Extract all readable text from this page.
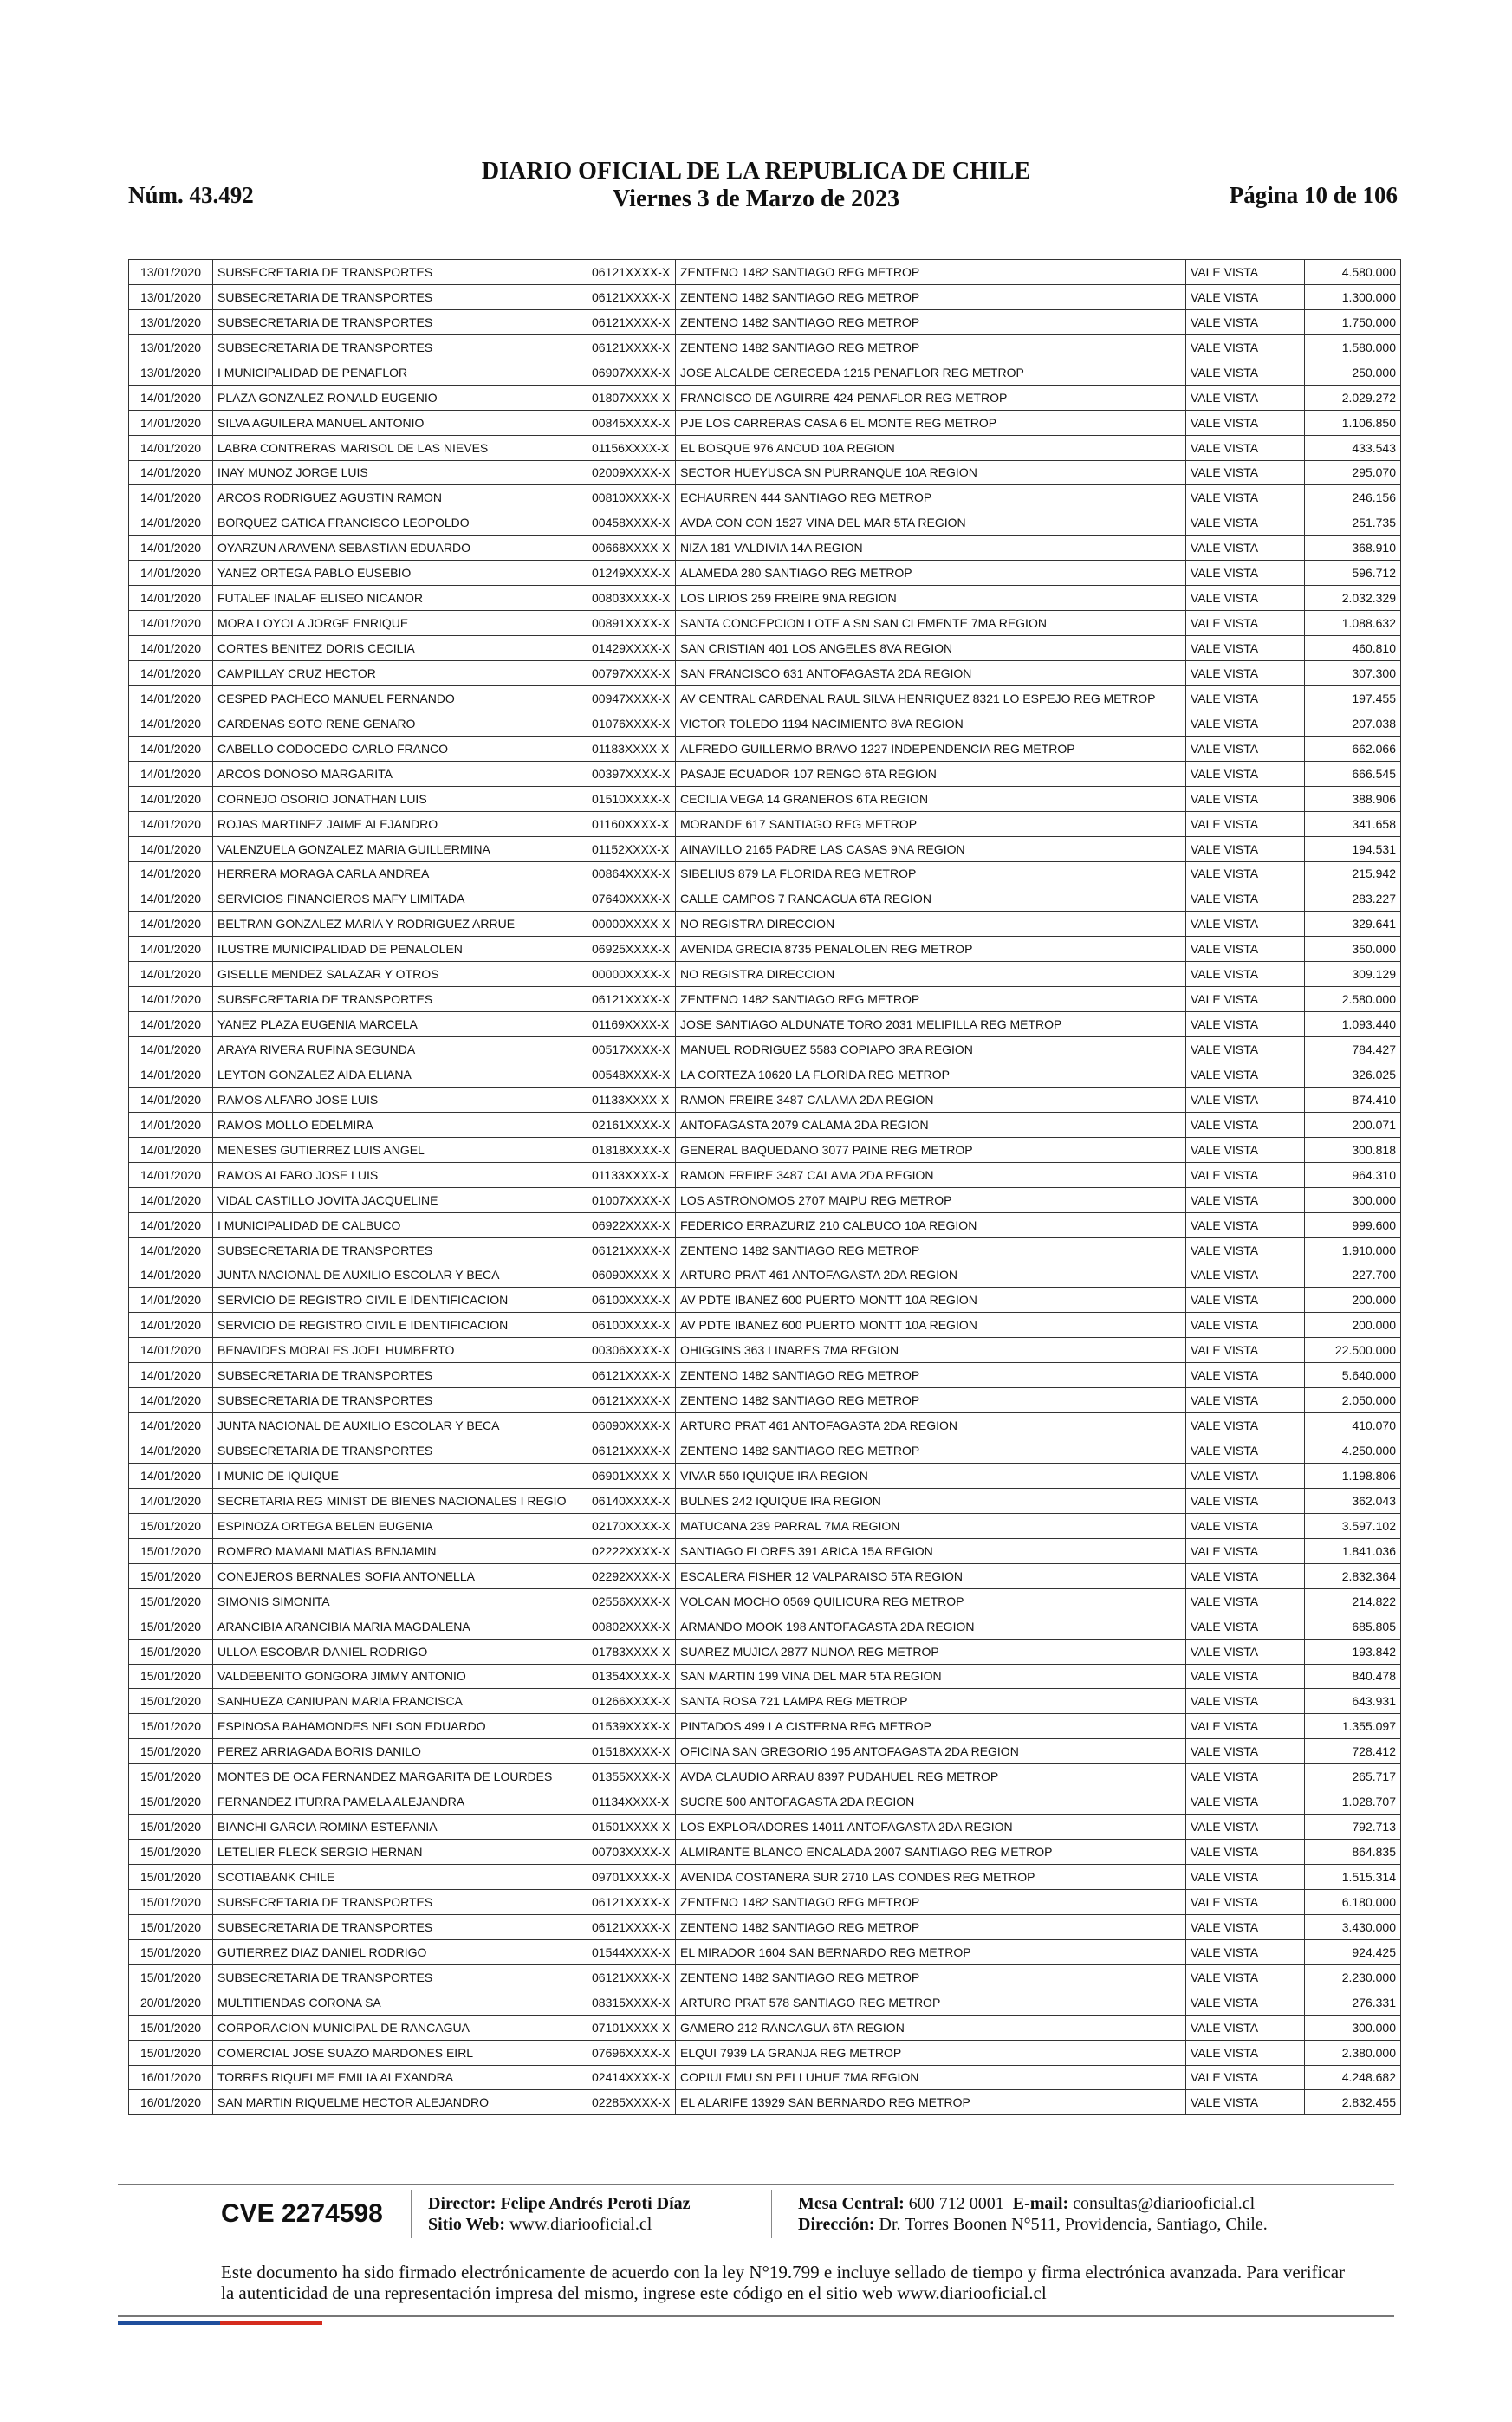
Núm. 43.492
DIARIO OFICIAL DE LA REPUBLICA DE CHILE
Viernes 3 de Marzo de 2023	Página 10 de 106
13/01/2020	SUBSECRETARIA DE TRANSPORTES	06121XXXX-X	ZENTENO 1482 SANTIAGO REG METROP	VALE VISTA	4.580.000
13/01/2020	SUBSECRETARIA DE TRANSPORTES	06121XXXX-X	ZENTENO 1482 SANTIAGO REG METROP	VALE VISTA	1.300.000
13/01/2020	SUBSECRETARIA DE TRANSPORTES	06121XXXX-X	ZENTENO 1482 SANTIAGO REG METROP	VALE VISTA	1.750.000
13/01/2020	SUBSECRETARIA DE TRANSPORTES	06121XXXX-X	ZENTENO 1482 SANTIAGO REG METROP	VALE VISTA	1.580.000
13/01/2020	I MUNICIPALIDAD DE PENAFLOR	06907XXXX-X	JOSE ALCALDE CERECEDA 1215 PENAFLOR REG METROP	VALE VISTA	250.000
14/01/2020	PLAZA GONZALEZ RONALD EUGENIO	01807XXXX-X	FRANCISCO DE AGUIRRE 424 PENAFLOR REG METROP	VALE VISTA	2.029.272
14/01/2020	SILVA AGUILERA MANUEL ANTONIO	00845XXXX-X	PJE LOS CARRERAS CASA 6 EL MONTE REG METROP	VALE VISTA	1.106.850
14/01/2020	LABRA CONTRERAS MARISOL DE LAS NIEVES	01156XXXX-X	EL BOSQUE 976 ANCUD 10A REGION	VALE VISTA	433.543
14/01/2020	INAY MUNOZ JORGE LUIS	02009XXXX-X	SECTOR HUEYUSCA SN PURRANQUE 10A REGION	VALE VISTA	295.070
14/01/2020	ARCOS RODRIGUEZ AGUSTIN RAMON	00810XXXX-X	ECHAURREN 444 SANTIAGO REG METROP	VALE VISTA	246.156
14/01/2020	BORQUEZ GATICA FRANCISCO LEOPOLDO	00458XXXX-X	AVDA CON CON 1527 VINA DEL MAR 5TA REGION	VALE VISTA	251.735
14/01/2020	OYARZUN ARAVENA SEBASTIAN EDUARDO	00668XXXX-X	NIZA 181 VALDIVIA 14A REGION	VALE VISTA	368.910
14/01/2020	YANEZ ORTEGA PABLO EUSEBIO	01249XXXX-X	ALAMEDA 280 SANTIAGO REG METROP	VALE VISTA	596.712
14/01/2020	FUTALEF INALAF ELISEO NICANOR	00803XXXX-X	LOS LIRIOS 259 FREIRE 9NA REGION	VALE VISTA	2.032.329
14/01/2020	MORA LOYOLA JORGE ENRIQUE	00891XXXX-X	SANTA CONCEPCION LOTE A SN SAN CLEMENTE 7MA REGION	VALE VISTA	1.088.632
14/01/2020	CORTES BENITEZ DORIS CECILIA	01429XXXX-X	SAN CRISTIAN 401 LOS ANGELES 8VA REGION	VALE VISTA	460.810
14/01/2020	CAMPILLAY CRUZ HECTOR	00797XXXX-X	SAN FRANCISCO 631 ANTOFAGASTA 2DA REGION	VALE VISTA	307.300
14/01/2020	CESPED PACHECO MANUEL FERNANDO	00947XXXX-X	AV CENTRAL CARDENAL RAUL SILVA HENRIQUEZ 8321 LO ESPEJO REG METROP	VALE VISTA	197.455
14/01/2020	CARDENAS SOTO RENE GENARO	01076XXXX-X	VICTOR TOLEDO 1194 NACIMIENTO 8VA REGION	VALE VISTA	207.038
14/01/2020	CABELLO CODOCEDO CARLO FRANCO	01183XXXX-X	ALFREDO GUILLERMO BRAVO 1227 INDEPENDENCIA REG METROP	VALE VISTA	662.066
14/01/2020	ARCOS DONOSO MARGARITA	00397XXXX-X	PASAJE ECUADOR 107 RENGO 6TA REGION	VALE VISTA	666.545
14/01/2020	CORNEJO OSORIO JONATHAN LUIS	01510XXXX-X	CECILIA VEGA 14 GRANEROS 6TA REGION	VALE VISTA	388.906
14/01/2020	ROJAS MARTINEZ JAIME ALEJANDRO	01160XXXX-X	MORANDE 617 SANTIAGO REG METROP	VALE VISTA	341.658
14/01/2020	VALENZUELA GONZALEZ MARIA GUILLERMINA	01152XXXX-X	AINAVILLO 2165 PADRE LAS CASAS 9NA REGION	VALE VISTA	194.531
14/01/2020	HERRERA MORAGA CARLA ANDREA	00864XXXX-X	SIBELIUS 879 LA FLORIDA REG METROP	VALE VISTA	215.942
14/01/2020	SERVICIOS FINANCIEROS MAFY LIMITADA	07640XXXX-X	CALLE CAMPOS 7 RANCAGUA 6TA REGION	VALE VISTA	283.227
14/01/2020	BELTRAN GONZALEZ MARIA Y RODRIGUEZ ARRUE	00000XXXX-X	NO REGISTRA DIRECCION	VALE VISTA	329.641
14/01/2020	ILUSTRE MUNICIPALIDAD DE PENALOLEN	06925XXXX-X	AVENIDA GRECIA 8735 PENALOLEN REG METROP	VALE VISTA	350.000
14/01/2020	GISELLE MENDEZ SALAZAR Y OTROS	00000XXXX-X	NO REGISTRA DIRECCION	VALE VISTA	309.129
14/01/2020	SUBSECRETARIA DE TRANSPORTES	06121XXXX-X	ZENTENO 1482 SANTIAGO REG METROP	VALE VISTA	2.580.000
14/01/2020	YANEZ PLAZA EUGENIA MARCELA	01169XXXX-X	JOSE SANTIAGO ALDUNATE TORO 2031 MELIPILLA REG METROP	VALE VISTA	1.093.440
14/01/2020	ARAYA RIVERA RUFINA SEGUNDA	00517XXXX-X	MANUEL RODRIGUEZ 5583 COPIAPO 3RA REGION	VALE VISTA	784.427
14/01/2020	LEYTON GONZALEZ AIDA ELIANA	00548XXXX-X	LA CORTEZA 10620 LA FLORIDA REG METROP	VALE VISTA	326.025
14/01/2020	RAMOS ALFARO JOSE LUIS	01133XXXX-X	RAMON FREIRE 3487 CALAMA 2DA REGION	VALE VISTA	874.410
14/01/2020	RAMOS MOLLO EDELMIRA	02161XXXX-X	ANTOFAGASTA 2079 CALAMA 2DA REGION	VALE VISTA	200.071
14/01/2020	MENESES GUTIERREZ LUIS ANGEL	01818XXXX-X	GENERAL BAQUEDANO 3077 PAINE REG METROP	VALE VISTA	300.818
14/01/2020	RAMOS ALFARO JOSE LUIS	01133XXXX-X	RAMON FREIRE 3487 CALAMA 2DA REGION	VALE VISTA	964.310
14/01/2020	VIDAL CASTILLO JOVITA JACQUELINE	01007XXXX-X	LOS ASTRONOMOS 2707 MAIPU REG METROP	VALE VISTA	300.000
14/01/2020	I MUNICIPALIDAD DE CALBUCO	06922XXXX-X	FEDERICO ERRAZURIZ 210 CALBUCO 10A REGION	VALE VISTA	999.600
14/01/2020	SUBSECRETARIA DE TRANSPORTES	06121XXXX-X	ZENTENO 1482 SANTIAGO REG METROP	VALE VISTA	1.910.000
14/01/2020	JUNTA NACIONAL DE AUXILIO ESCOLAR Y BECA	06090XXXX-X	ARTURO PRAT 461 ANTOFAGASTA 2DA REGION	VALE VISTA	227.700
14/01/2020	SERVICIO DE REGISTRO CIVIL E IDENTIFICACION	06100XXXX-X	AV PDTE IBANEZ 600 PUERTO MONTT 10A REGION	VALE VISTA	200.000
14/01/2020	SERVICIO DE REGISTRO CIVIL E IDENTIFICACION	06100XXXX-X	AV PDTE IBANEZ 600 PUERTO MONTT 10A REGION	VALE VISTA	200.000
14/01/2020	BENAVIDES MORALES JOEL HUMBERTO	00306XXXX-X	OHIGGINS 363 LINARES 7MA REGION	VALE VISTA	22.500.000
14/01/2020	SUBSECRETARIA DE TRANSPORTES	06121XXXX-X	ZENTENO 1482 SANTIAGO REG METROP	VALE VISTA	5.640.000
14/01/2020	SUBSECRETARIA DE TRANSPORTES	06121XXXX-X	ZENTENO 1482 SANTIAGO REG METROP	VALE VISTA	2.050.000
14/01/2020	JUNTA NACIONAL DE AUXILIO ESCOLAR Y BECA	06090XXXX-X	ARTURO PRAT 461 ANTOFAGASTA 2DA REGION	VALE VISTA	410.070
14/01/2020	SUBSECRETARIA DE TRANSPORTES	06121XXXX-X	ZENTENO 1482 SANTIAGO REG METROP	VALE VISTA	4.250.000
14/01/2020	I MUNIC DE IQUIQUE	06901XXXX-X	VIVAR 550 IQUIQUE IRA REGION	VALE VISTA	1.198.806
14/01/2020	SECRETARIA REG MINIST DE BIENES NACIONALES I REGIO	06140XXXX-X	BULNES 242 IQUIQUE IRA REGION	VALE VISTA	362.043
15/01/2020	ESPINOZA ORTEGA BELEN EUGENIA	02170XXXX-X	MATUCANA 239 PARRAL 7MA REGION	VALE VISTA	3.597.102
15/01/2020	ROMERO MAMANI MATIAS BENJAMIN	02222XXXX-X	SANTIAGO FLORES 391 ARICA 15A REGION	VALE VISTA	1.841.036
15/01/2020	CONEJEROS BERNALES SOFIA ANTONELLA	02292XXXX-X	ESCALERA FISHER 12 VALPARAISO 5TA REGION	VALE VISTA	2.832.364
15/01/2020	SIMONIS SIMONITA	02556XXXX-X	VOLCAN MOCHO 0569 QUILICURA REG METROP	VALE VISTA	214.822
15/01/2020	ARANCIBIA ARANCIBIA MARIA MAGDALENA	00802XXXX-X	ARMANDO MOOK 198 ANTOFAGASTA 2DA REGION	VALE VISTA	685.805
15/01/2020	ULLOA ESCOBAR DANIEL RODRIGO	01783XXXX-X	SUAREZ MUJICA 2877 NUNOA REG METROP	VALE VISTA	193.842
15/01/2020	VALDEBENITO GONGORA JIMMY ANTONIO	01354XXXX-X	SAN MARTIN 199 VINA DEL MAR 5TA REGION	VALE VISTA	840.478
15/01/2020	SANHUEZA CANIUPAN MARIA FRANCISCA	01266XXXX-X	SANTA ROSA 721 LAMPA REG METROP	VALE VISTA	643.931
15/01/2020	ESPINOSA BAHAMONDES NELSON EDUARDO	01539XXXX-X	PINTADOS 499 LA CISTERNA REG METROP	VALE VISTA	1.355.097
15/01/2020	PEREZ ARRIAGADA BORIS DANILO	01518XXXX-X	OFICINA SAN GREGORIO 195 ANTOFAGASTA 2DA REGION	VALE VISTA	728.412
15/01/2020	MONTES DE OCA FERNANDEZ MARGARITA DE LOURDES	01355XXXX-X	AVDA CLAUDIO ARRAU 8397 PUDAHUEL REG METROP	VALE VISTA	265.717
15/01/2020	FERNANDEZ ITURRA PAMELA ALEJANDRA	01134XXXX-X	SUCRE 500 ANTOFAGASTA 2DA REGION	VALE VISTA	1.028.707
15/01/2020	BIANCHI GARCIA ROMINA ESTEFANIA	01501XXXX-X	LOS EXPLORADORES 14011 ANTOFAGASTA 2DA REGION	VALE VISTA	792.713
15/01/2020	LETELIER FLECK SERGIO HERNAN	00703XXXX-X	ALMIRANTE BLANCO ENCALADA 2007 SANTIAGO REG METROP	VALE VISTA	864.835
15/01/2020	SCOTIABANK CHILE	09701XXXX-X	AVENIDA COSTANERA SUR 2710 LAS CONDES REG METROP	VALE VISTA	1.515.314
15/01/2020	SUBSECRETARIA DE TRANSPORTES	06121XXXX-X	ZENTENO 1482 SANTIAGO REG METROP	VALE VISTA	6.180.000
15/01/2020	SUBSECRETARIA DE TRANSPORTES	06121XXXX-X	ZENTENO 1482 SANTIAGO REG METROP	VALE VISTA	3.430.000
15/01/2020	GUTIERREZ DIAZ DANIEL RODRIGO	01544XXXX-X	EL MIRADOR 1604 SAN BERNARDO REG METROP	VALE VISTA	924.425
15/01/2020	SUBSECRETARIA DE TRANSPORTES	06121XXXX-X	ZENTENO 1482 SANTIAGO REG METROP	VALE VISTA	2.230.000
20/01/2020	MULTITIENDAS CORONA SA	08315XXXX-X	ARTURO PRAT 578 SANTIAGO REG METROP	VALE VISTA	276.331
15/01/2020	CORPORACION MUNICIPAL DE RANCAGUA	07101XXXX-X	GAMERO 212 RANCAGUA 6TA REGION	VALE VISTA	300.000
15/01/2020	COMERCIAL JOSE SUAZO MARDONES EIRL	07696XXXX-X	ELQUI 7939 LA GRANJA REG METROP	VALE VISTA	2.380.000
16/01/2020	TORRES RIQUELME EMILIA ALEXANDRA	02414XXXX-X	COPIULEMU SN PELLUHUE 7MA REGION	VALE VISTA	4.248.682
16/01/2020	SAN MARTIN RIQUELME HECTOR ALEJANDRO	02285XXXX-X	EL ALARIFE 13929 SAN BERNARDO REG METROP	VALE VISTA	2.832.455
CVE 2274598	Director: Felipe Andrés Peroti Díaz
Sitio Web: www.diariooficial.cl
Mesa Central: 600 712 0001 E-mail: consultas@diariooficial.cl
Dirección: Dr. Torres Boonen N°511, Providencia, Santiago, Chile.
Este documento ha sido firmado electrónicamente de acuerdo con la ley N°19.799 e incluye sellado de tiempo y firma electrónica avanzada. Para verificar la autenticidad de una representación impresa del mismo, ingrese este código en el sitio web www.diariooficial.cl
